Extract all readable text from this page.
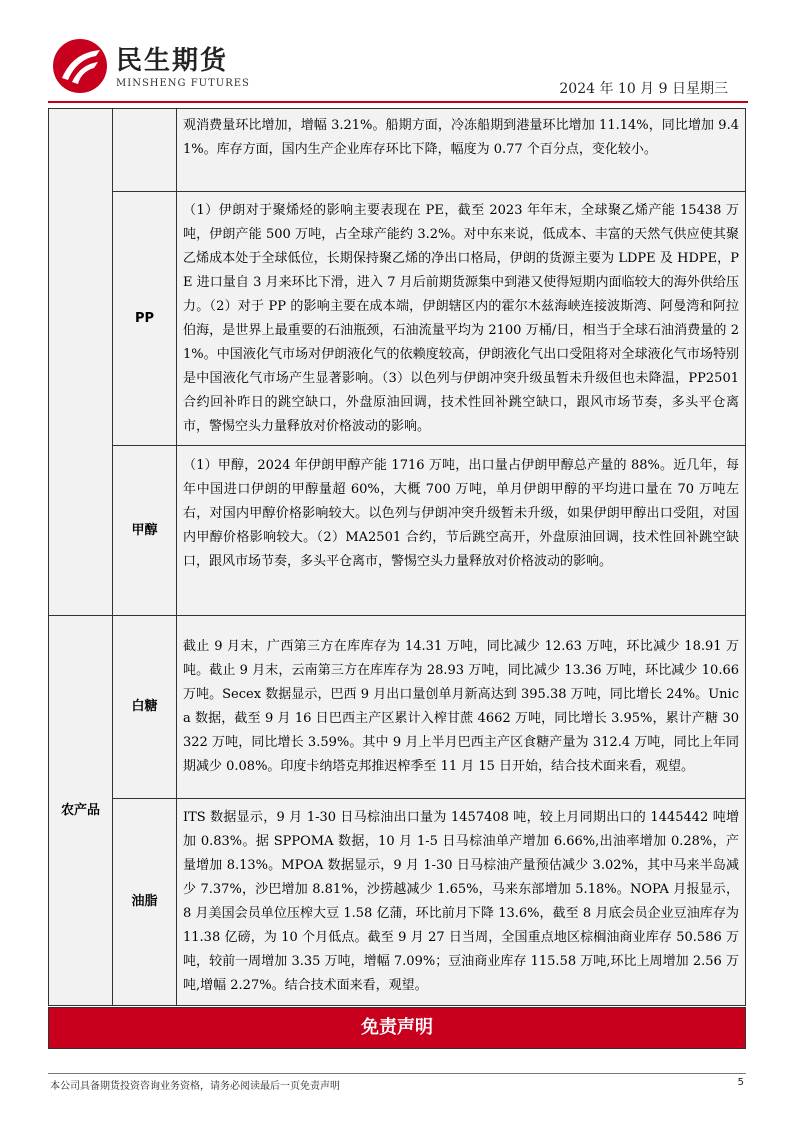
民生期货
MINSHENG FUTURES	2024 年 10 月 9 日星期三
		观消费量环比增加，增幅 3.21%。船期方面，冷冻船期到港量环比增加 11.14%，同比增加 9.41%。库存方面，国内生产企业库存环比下降，幅度为 0.77 个百分点，变化较小。
	PP	（1）伊朗对于聚烯烃的影响主要表现在 PE，截至 2023 年年末，全球聚乙烯产能 15438 万吨，伊朗产能 500 万吨，占全球产能约 3.2%。对中东来说，低成本、丰富的天然气供应使其聚乙烯成本处于全球低位，长期保持聚乙烯的净出口格局，伊朗的货源主要为 LDPE 及 HDPE，PE 进口量自 3 月来环比下滑，进入 7 月后前期货源集中到港又使得短期内面临较大的海外供给压力。（2）对于 PP 的影响主要在成本端，伊朗辖区内的霍尔木兹海峡连接波斯湾、阿曼湾和阿拉伯海，是世界上最重要的石油瓶颈，石油流量平均为 2100 万桶/日，相当于全球石油消费量的 21%。中国液化气市场对伊朗液化气的依赖度较高，伊朗液化气出口受阻将对全球液化气市场特别是中国液化气市场产生显著影响。（3）以色列与伊朗冲突升级虽暂未升级但也未降温，PP2501 合约回补昨日的跳空缺口，外盘原油回调，技术性回补跳空缺口，跟风市场节奏，多头平仓离市，警惕空头力量释放对价格波动的影响。
	甲醇	（1）甲醇，2024 年伊朗甲醇产能 1716 万吨，出口量占伊朗甲醇总产量的 88%。近几年，每年中国进口伊朗的甲醇量超 60%，大概 700 万吨，单月伊朗甲醇的平均进口量在 70 万吨左右，对国内甲醇价格影响较大。以色列与伊朗冲突升级暂未升级，如果伊朗甲醇出口受阻，对国内甲醇价格影响较大。（2）MA2501 合约，节后跳空高开，外盘原油回调，技术性回补跳空缺口，跟风市场节奏，多头平仓离市，警惕空头力量释放对价格波动的影响。
农产品	白糖	截止 9 月末，广西第三方在库库存为 14.31 万吨，同比减少 12.63 万吨，环比减少 18.91 万吨。截止 9 月末，云南第三方在库库存为 28.93 万吨，同比减少 13.36 万吨，环比减少 10.66 万吨。Secex 数据显示，巴西 9 月出口量创单月新高达到 395.38 万吨，同比增长 24%。Unica 数据，截至 9 月 16 日巴西主产区累计入榨甘蔗 4662 万吨，同比增长 3.95%，累计产糖 30322 万吨，同比增长 3.59%。其中 9 月上半月巴西主产区食糖产量为 312.4 万吨，同比上年同期减少 0.08%。印度卡纳塔克邦推迟榨季至 11 月 15 日开始，结合技术面来看，观望。
	油脂	ITS 数据显示，9 月 1-30 日马棕油出口量为 1457408 吨，较上月同期出口的 1445442 吨增加 0.83%。据 SPPOMA 数据，10 月 1-5 日马棕油单产增加 6.66%,出油率增加 0.28%，产量增加 8.13%。MPOA 数据显示，9 月 1-30 日马棕油产量预估减少 3.02%，其中马来半岛减少 7.37%，沙巴增加 8.81%，沙捞越减少 1.65%，马来东部增加 5.18%。NOPA 月报显示，8 月美国会员单位压榨大豆 1.58 亿蒲，环比前月下降 13.6%，截至 8 月底会员企业豆油库存为 11.38 亿磅，为 10 个月低点。截至 9 月 27 日当周，全国重点地区棕榈油商业库存 50.586 万吨，较前一周增加 3.35 万吨，增幅 7.09%；豆油商业库存 115.58 万吨,环比上周增加 2.56 万吨,增幅 2.27%。结合技术面来看，观望。
免责声明
本公司具备期货投资咨询业务资格，请务必阅读最后一页免责声明	5
